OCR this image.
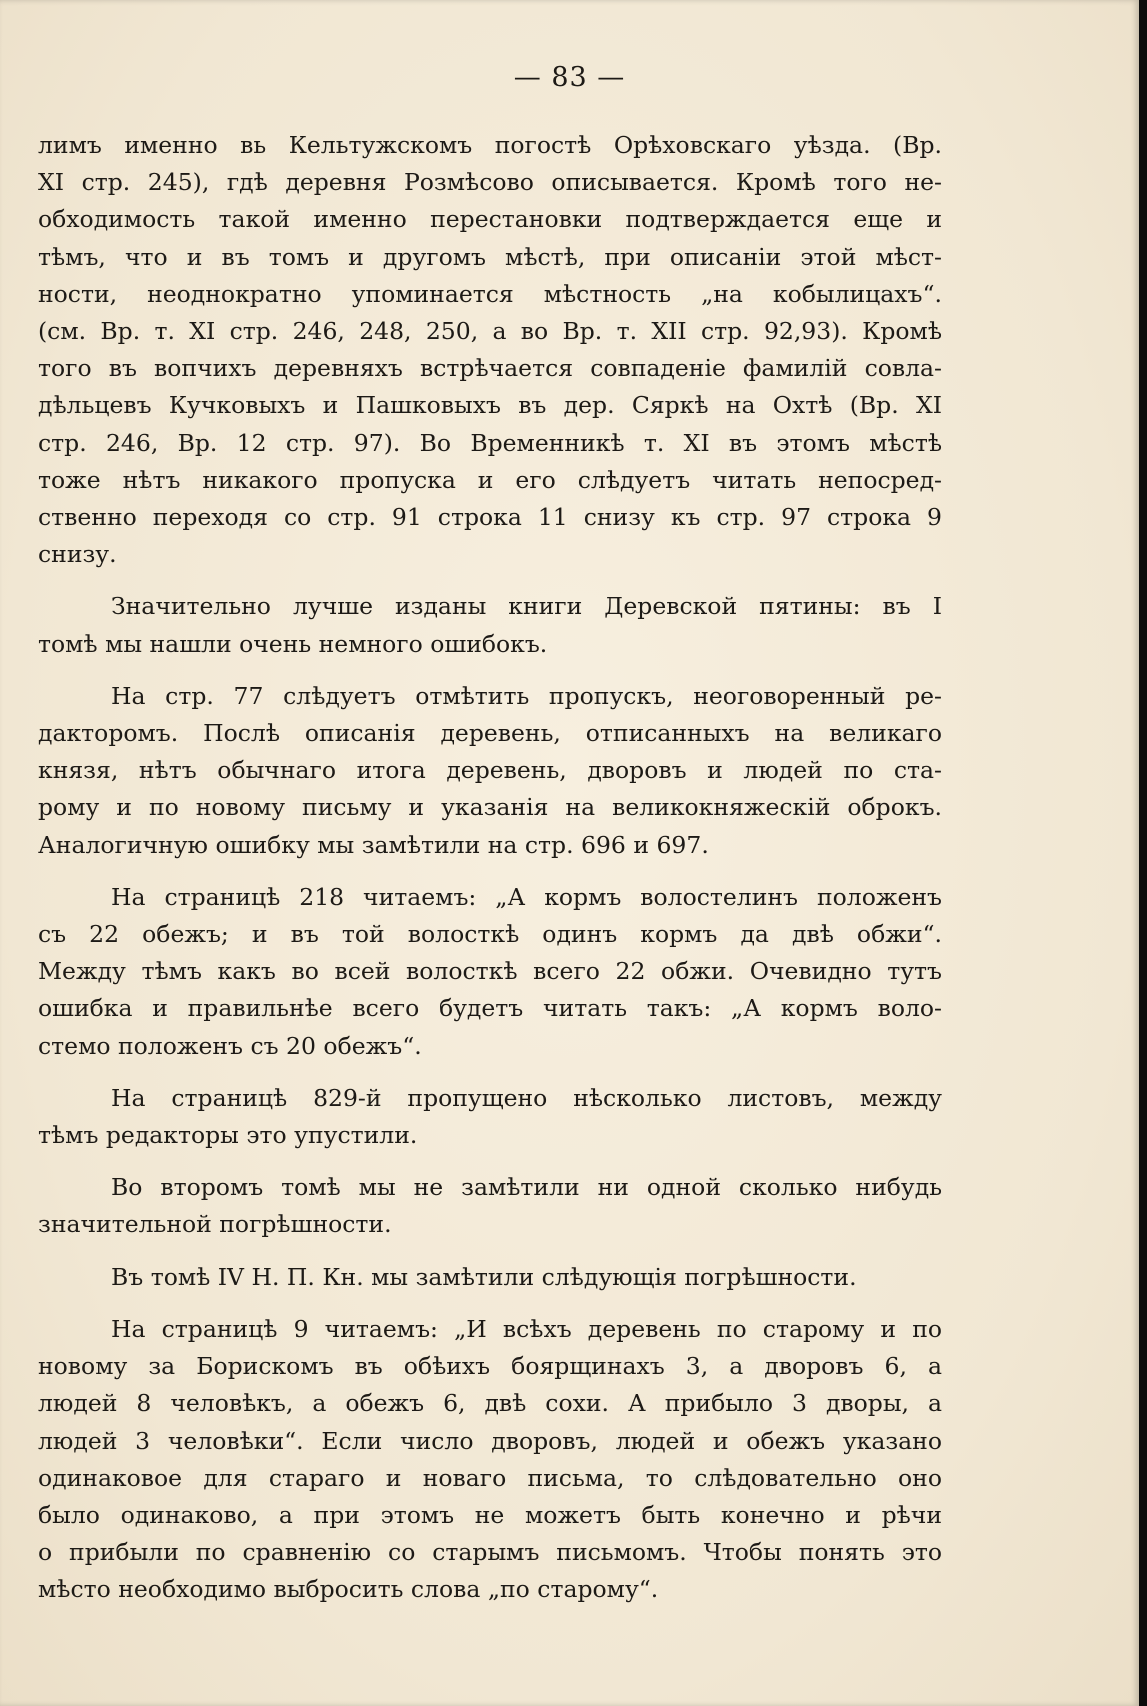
— 83 —
лимъ именно вь Кельтужскомъ погостѣ Орѣховскаго уѣзда. (Вр.
XI стр. 245), гдѣ деревня Розмѣсово описывается. Кромѣ того не-
обходимость такой именно перестановки подтверждается еще и
тѣмъ, что и въ томъ и другомъ мѣстѣ, при описаніи этой мѣст-
ности, неоднократно упоминается мѣстность „на кобылицахъ“.
(см. Вр. т. XI стр. 246, 248, 250, а во Вр. т. XII стр. 92,93). Кромѣ
того въ вопчихъ деревняхъ встрѣчается совпаденіе фамилій совла-
дѣльцевъ Кучковыхъ и Пашковыхъ въ дер. Сяркѣ на Охтѣ (Вр. XI
стр. 246, Вр. 12 стр. 97). Во Временникѣ т. XI въ этомъ мѣстѣ
тоже нѣтъ никакого пропуска и его слѣдуетъ читать непосред-
ственно переходя со стр. 91 строка 11 снизу къ стр. 97 строка 9
снизу.
Значительно лучше изданы книги Деревской пятины: въ I
томѣ мы нашли очень немного ошибокъ.
На стр. 77 слѣдуетъ отмѣтить пропускъ, неоговоренный ре-
дакторомъ. Послѣ описанія деревень, отписанныхъ на великаго
князя, нѣтъ обычнаго итога деревень, дворовъ и людей по ста-
рому и по новому письму и указанія на великокняжескій оброкъ.
Аналогичную ошибку мы замѣтили на стр. 696 и 697.
На страницѣ 218 читаемъ: „А кормъ волостелинъ положенъ
съ 22 обежъ; и въ той волосткѣ одинъ кормъ да двѣ обжи“.
Между тѣмъ какъ во всей волосткѣ всего 22 обжи. Очевидно тутъ
ошибка и правильнѣе всего будетъ читать такъ: „А кормъ воло-
стемо положенъ съ 20 обежъ“.
На страницѣ 829-й пропущено нѣсколько листовъ, между
тѣмъ редакторы это упустили.
Во второмъ томѣ мы не замѣтили ни одной сколько нибудь
значительной погрѣшности.
Въ томѣ IV Н. П. Кн. мы замѣтили слѣдующія погрѣшности.
На страницѣ 9 читаемъ: „И всѣхъ деревень по старому и по
новому за Борискомъ въ обѣихъ боярщинахъ 3, а дворовъ 6, а
людей 8 человѣкъ, а обежъ 6, двѣ сохи. А прибыло 3 дворы, а
людей 3 человѣки“. Если число дворовъ, людей и обежъ указано
одинаковое для стараго и новаго письма, то слѣдовательно оно
было одинаково, а при этомъ не можетъ быть конечно и рѣчи
о прибыли по сравненію со старымъ письмомъ. Чтобы понять это
мѣсто необходимо выбросить слова „по старому“.
